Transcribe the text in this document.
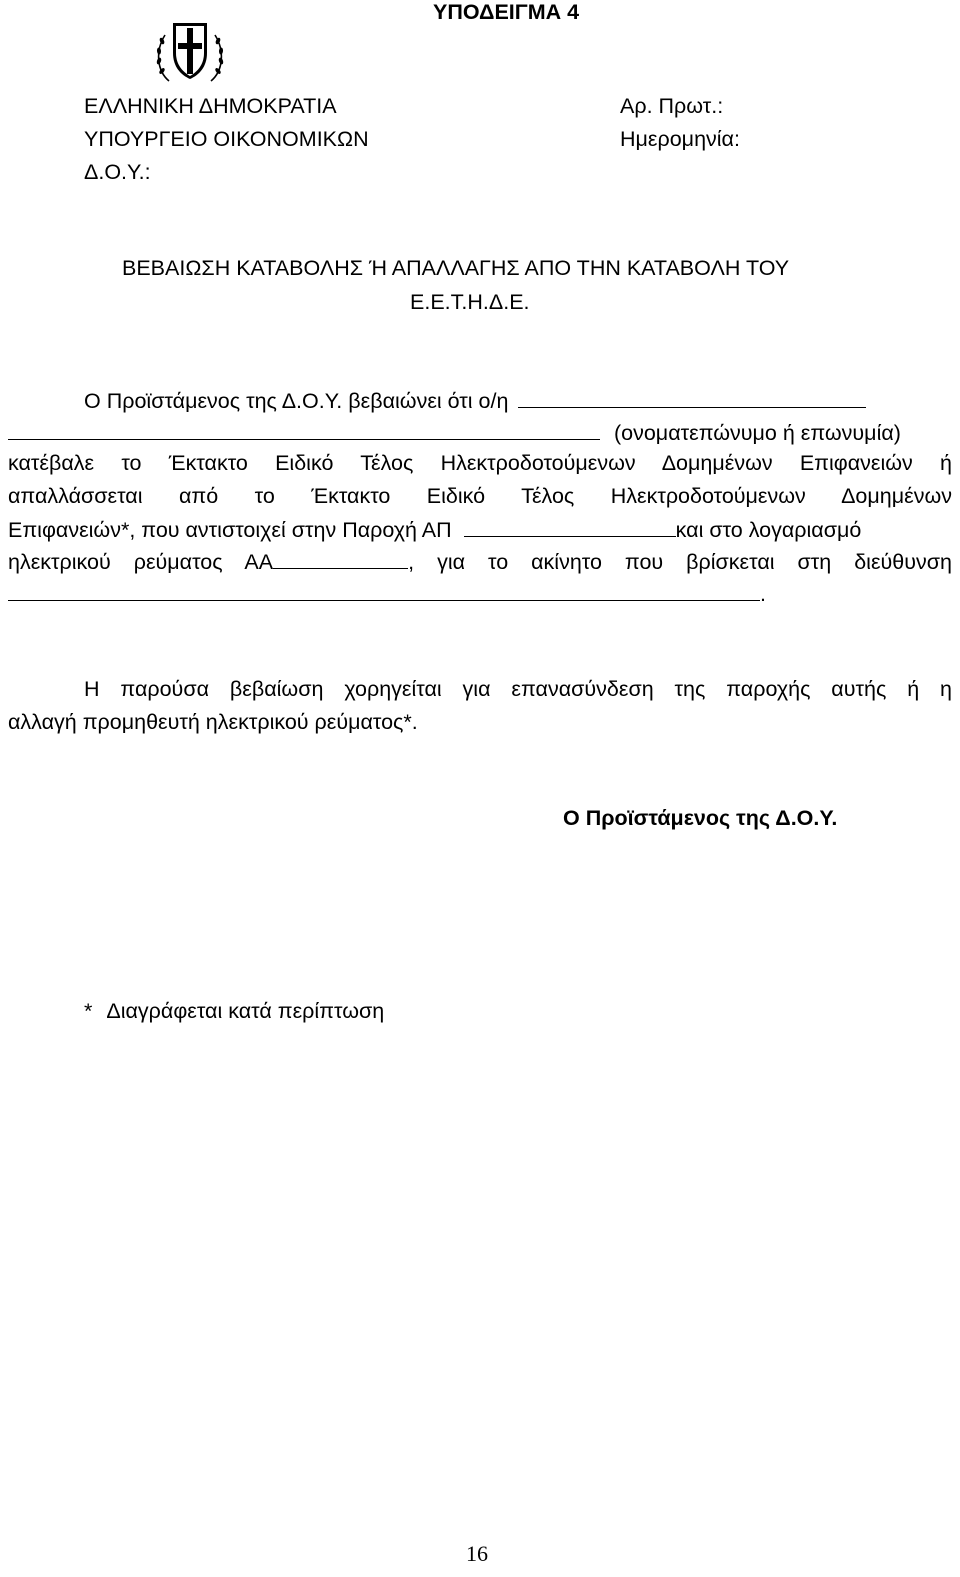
ΥΠΟΔΕΙΓΜΑ 4
ΕΛΛΗΝΙΚΗ ΔΗΜΟΚΡΑΤΙΑ
ΥΠΟΥΡΓΕΙΟ ΟΙΚΟΝΟΜΙΚΩΝ
Δ.Ο.Υ.:
Αρ. Πρωτ.:
Ημερομηνία:
ΒΕΒΑΙΩΣΗ ΚΑΤΑΒΟΛΗΣ Ή ΑΠΑΛΛΑΓΗΣ ΑΠΟ ΤΗΝ ΚΑΤΑΒΟΛΗ ΤΟΥ
Ε.Ε.Τ.Η.Δ.Ε.
Ο Προϊστάμενος της Δ.Ο.Υ. βεβαιώνει ότι ο/η
(ονοματεπώνυμο ή επωνυμία)
κατέβαλε το Έκτακτο Ειδικό Τέλος Ηλεκτροδοτούμενων Δομημένων Επιφανειών ή
απαλλάσσεται από το Έκτακτο Ειδικό Τέλος Ηλεκτροδοτούμενων Δομημένων
Επιφανειών*, που αντιστοιχεί στην Παροχή ΑΠ	και στο λογαριασμό
ηλεκτρικού ρεύματος ΑΑ	, για το ακίνητο που βρίσκεται στη διεύθυνση
.
Η παρούσα βεβαίωση χορηγείται για επανασύνδεση της παροχής αυτής ή η
αλλαγή προμηθευτή ηλεκτρικού ρεύματος*.
Ο Προϊστάμενος της Δ.Ο.Υ.
* Διαγράφεται κατά περίπτωση
16
